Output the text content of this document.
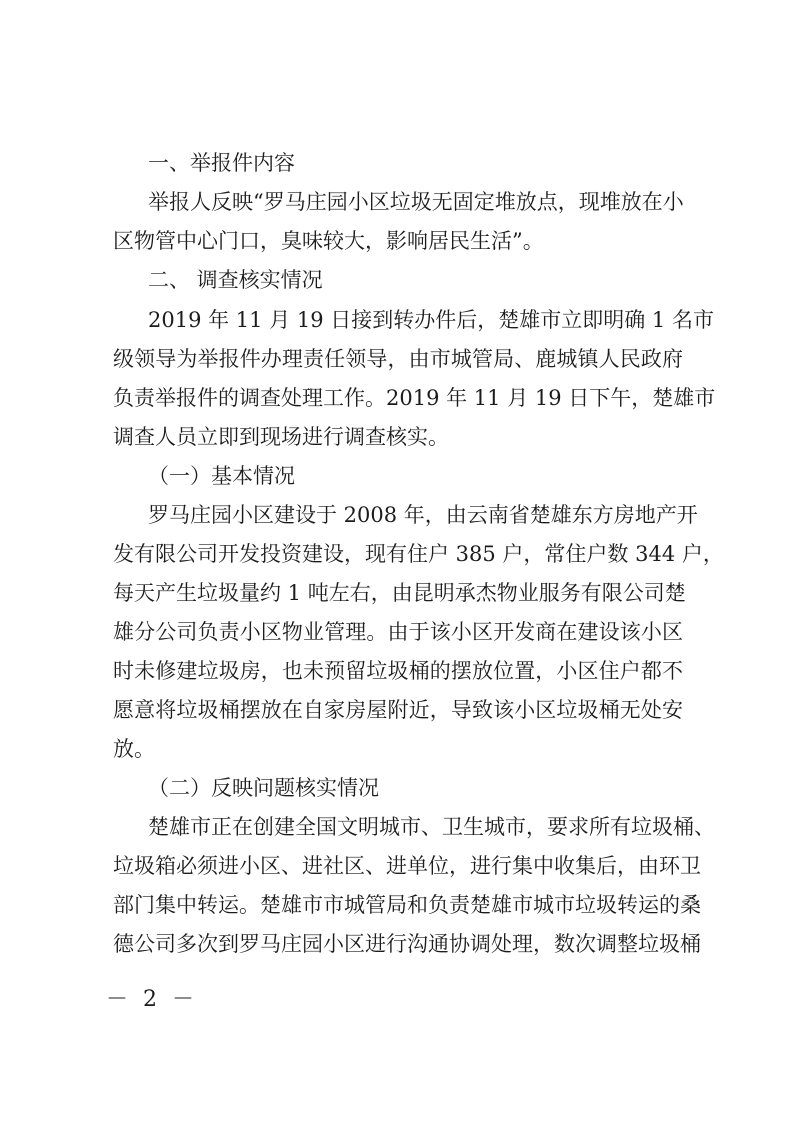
一、举报件内容
举报人反映“罗马庄园小区垃圾无固定堆放点，现堆放在小
区物管中心门口，臭味较大，影响居民生活”。
二、 调查核实情况
2019 年 11 月 19 日接到转办件后，楚雄市立即明确 1 名市
级领导为举报件办理责任领导，由市城管局、鹿城镇人民政府
负责举报件的调查处理工作。2019 年 11 月 19 日下午，楚雄市
调查人员立即到现场进行调查核实。
（一）基本情况
罗马庄园小区建设于 2008 年，由云南省楚雄东方房地产开
发有限公司开发投资建设，现有住户 385 户，常住户数 344 户，
每天产生垃圾量约 1 吨左右，由昆明承杰物业服务有限公司楚
雄分公司负责小区物业管理。由于该小区开发商在建设该小区
时未修建垃圾房，也未预留垃圾桶的摆放位置，小区住户都不
愿意将垃圾桶摆放在自家房屋附近，导致该小区垃圾桶无处安
放。
（二）反映问题核实情况
楚雄市正在创建全国文明城市、卫生城市，要求所有垃圾桶、
垃圾箱必须进小区、进社区、进单位，进行集中收集后，由环卫
部门集中转运。楚雄市市城管局和负责楚雄市城市垃圾转运的桑
德公司多次到罗马庄园小区进行沟通协调处理，数次调整垃圾桶
－ 2 －
